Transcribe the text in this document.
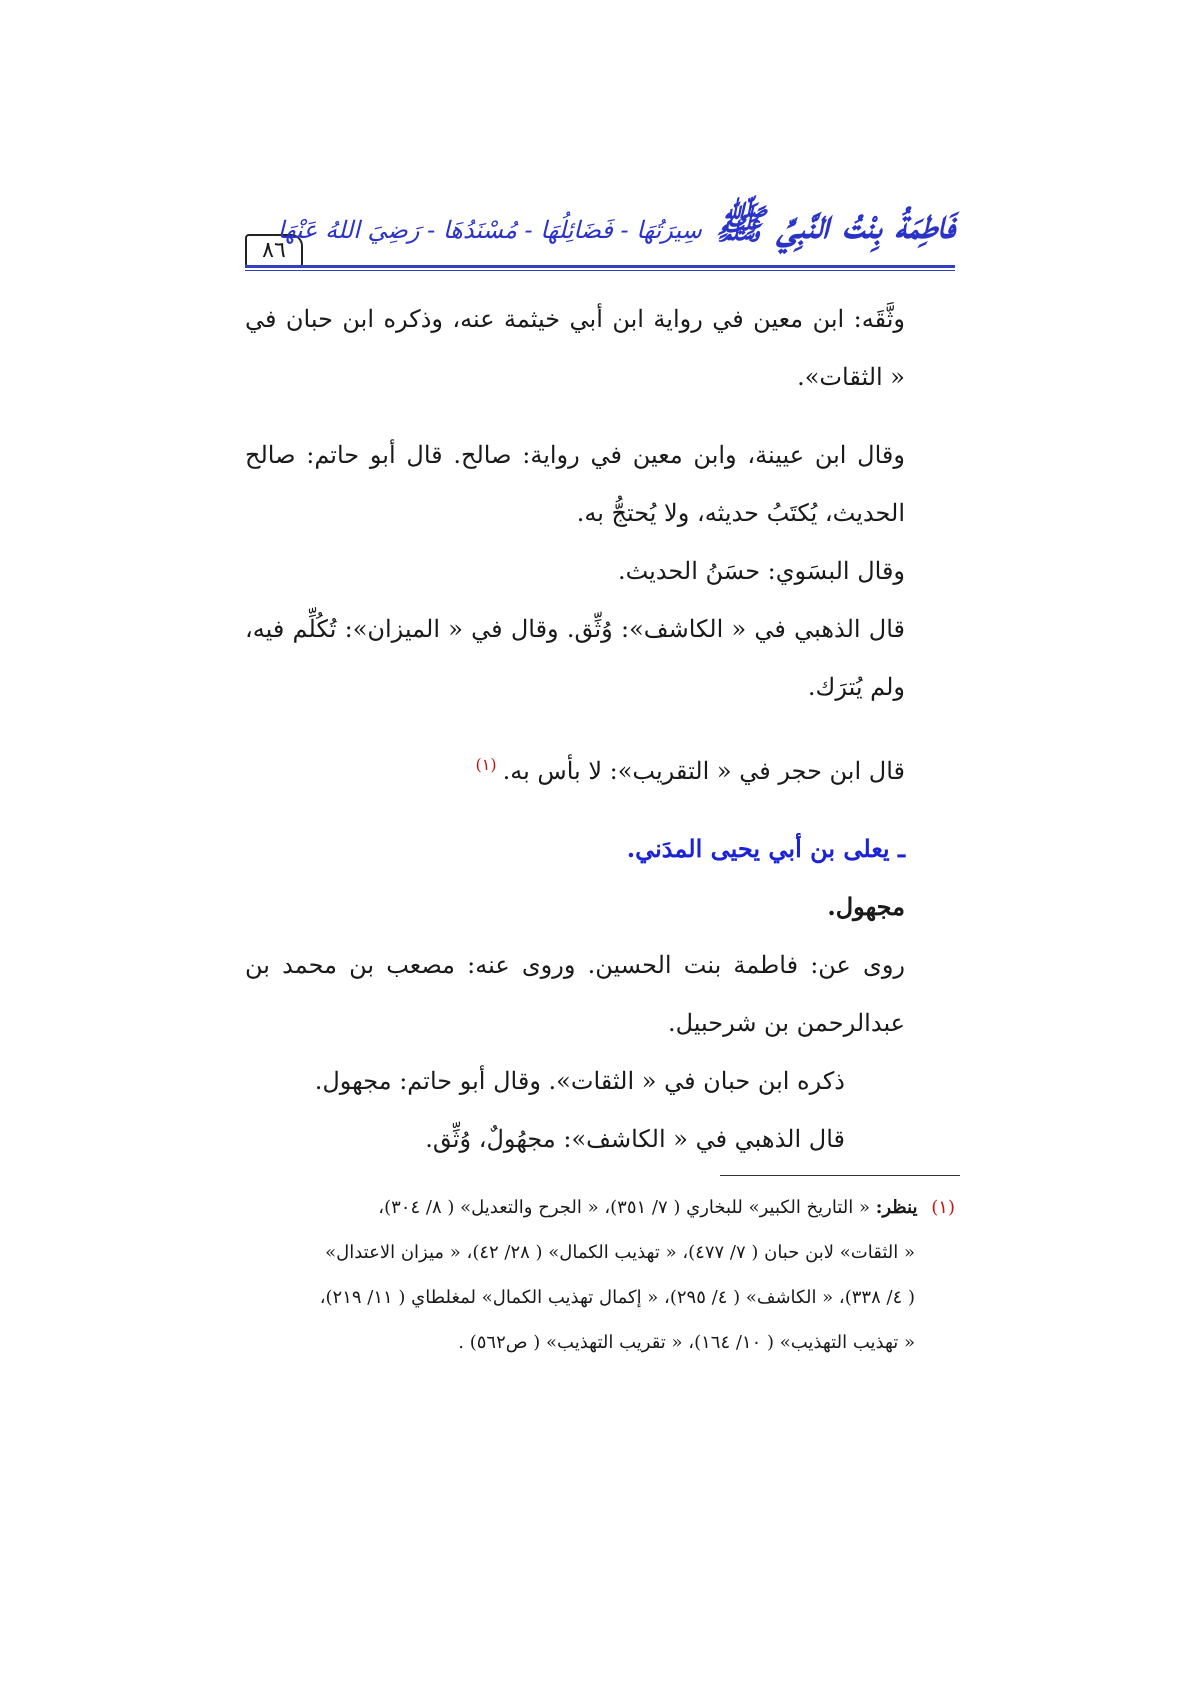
٨٦
فَاطِمَةُ بِنْتُ النَّبِيِّ ﷺ سِيرَتُهَا - فَضَائِلُهَا - مُسْنَدُهَا - رَضِيَ اللهُ عَنْهَا

وثَّقَه: ابن معين في رواية ابن أبي خيثمة عنه، وذكره ابن حبان في « الثقات».

وقال ابن عيينة، وابن معين في رواية: صالح. قال أبو حاتم: صالح الحديث، يُكتَبُ حديثه، ولا يُحتجُّ به.

وقال البسَوي: حسَنُ الحديث.

قال الذهبي في « الكاشف»: وُثِّق. وقال في « الميزان»: تُكُلِّم فيه، ولم يُترَك.

قال ابن حجر في « التقريب»: لا بأس به.$^{(١)}$

ـ يعلى بن أبي يحيى المدَني.

مجهول.

روى عن: فاطمة بنت الحسين. وروى عنه: مصعب بن محمد بن عبدالرحمن بن شرحبيل.

ذكره ابن حبان في « الثقات». وقال أبو حاتم: مجهول.

قال الذهبي في « الكاشف»: مجهُولٌ، وُثِّق.

(١) ينظر: « التاريخ الكبير» للبخاري ( ٧/ ٣٥١)، « الجرح والتعديل» ( ٨/ ٣٠٤)،

« الثقات» لابن حبان ( ٧/ ٤٧٧)، « تهذيب الكمال» ( ٢٨/ ٤٢)، « ميزان الاعتدال»

( ٤/ ٣٣٨)، « الكاشف» ( ٤/ ٢٩٥)، « إكمال تهذيب الكمال» لمغلطاي ( ١١/ ٢١٩)،

« تهذيب التهذيب» ( ١٠/ ١٦٤)، « تقريب التهذيب» ( ص٥٦٢) .
